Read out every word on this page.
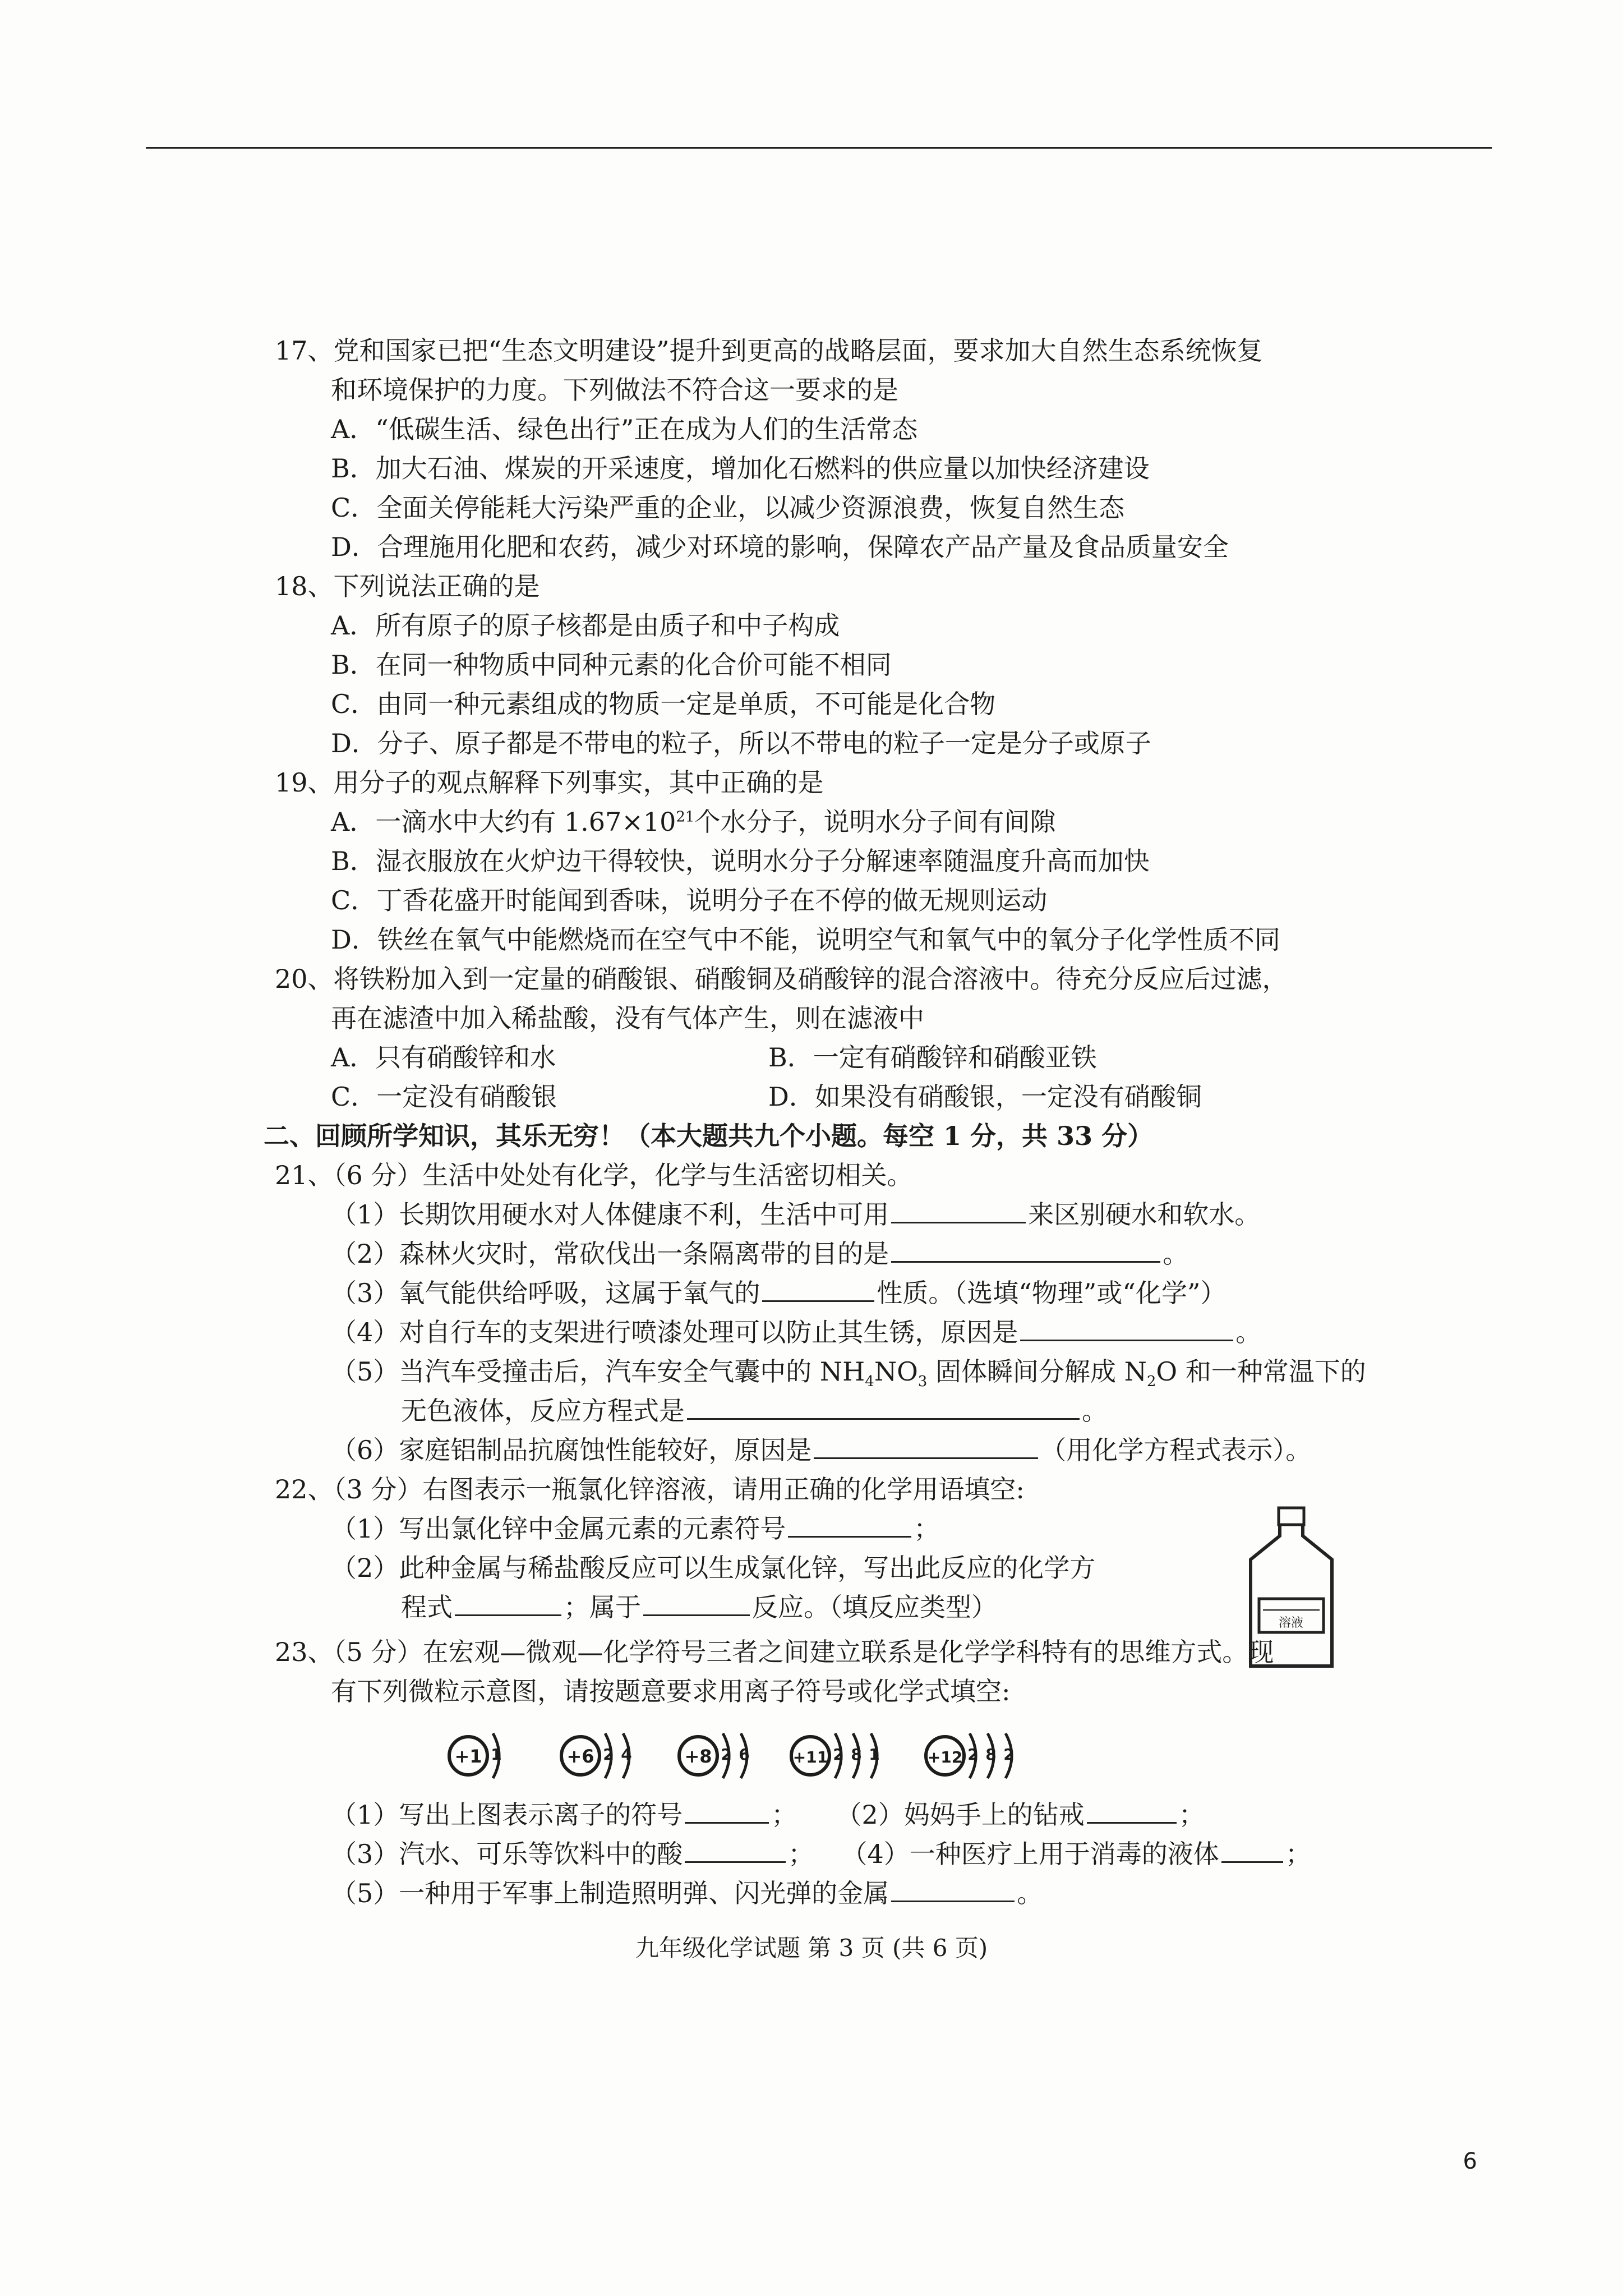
17、党和国家已把“生态文明建设”提升到更高的战略层面，要求加大自然生态系统恢复
和环境保护的力度。下列做法不符合这一要求的是
A．“低碳生活、绿色出行”正在成为人们的生活常态
B．加大石油、煤炭的开采速度，增加化石燃料的供应量以加快经济建设
C．全面关停能耗大污染严重的企业，以减少资源浪费，恢复自然生态
D．合理施用化肥和农药，减少对环境的影响，保障农产品产量及食品质量安全
18、下列说法正确的是
A．所有原子的原子核都是由质子和中子构成
B．在同一种物质中同种元素的化合价可能不相同
C．由同一种元素组成的物质一定是单质，不可能是化合物
D．分子、原子都是不带电的粒子，所以不带电的粒子一定是分子或原子
19、用分子的观点解释下列事实，其中正确的是
A．一滴水中大约有 $1.67\times 10^{21}$个水分子，说明水分子间有间隙
B．湿衣服放在火炉边干得较快，说明水分子分解速率随温度升高而加快
C．丁香花盛开时能闻到香味，说明分子在不停的做无规则运动
D．铁丝在氧气中能燃烧而在空气中不能，说明空气和氧气中的氧分子化学性质不同
20、将铁粉加入到一定量的硝酸银、硝酸铜及硝酸锌的混合溶液中。待充分反应后过滤，
再在滤渣中加入稀盐酸，没有气体产生，则在滤液中
A．只有硝酸锌和水	B．一定有硝酸锌和硝酸亚铁
C．一定没有硝酸银	D．如果没有硝酸银，一定没有硝酸铜
二、回顾所学知识，其乐无穷！（本大题共九个小题。每空 1 分，共 33 分）
21、（6 分）生活中处处有化学，化学与生活密切相关。
（1）长期饮用硬水对人体健康不利，生活中可用	来区别硬水和软水。
（2）森林火灾时，常砍伐出一条隔离带的目的是	。
（3）氧气能供给呼吸，这属于氧气的	性质。（选填“物理”或“化学”）
（4）对自行车的支架进行喷漆处理可以防止其生锈，原因是	。
（5）当汽车受撞击后，汽车安全气囊中的 $NH_4NO_3$ 固体瞬间分解成 $N_2O$ 和一种常温下的
无色液体，反应方程式是	。
（6）家庭铝制品抗腐蚀性能较好，原因是	（用化学方程式表示）。
22、（3 分）右图表示一瓶氯化锌溶液，请用正确的化学用语填空:
（1）写出氯化锌中金属元素的元素符号	；
（2）此种金属与稀盐酸反应可以生成氯化锌，写出此反应的化学方
程式	；属于	反应。（填反应类型）
溶液
23、（5 分）在宏观—微观—化学符号三者之间建立联系是化学学科特有的思维方式。现
有下列微粒示意图，请按题意要求用离子符号或化学式填空:
+1 1	+6 2 4	+8 2 6	+11 2 8 1	+12 2 8 2
（1）写出上图表示离子的符号	； （2）妈妈手上的钻戒	；
（3）汽水、可乐等饮料中的酸	； （4）一种医疗上用于消毒的液体	；
（5）一种用于军事上制造照明弹、闪光弹的金属	。
九年级化学试题 第 3 页 (共 6 页)
6
